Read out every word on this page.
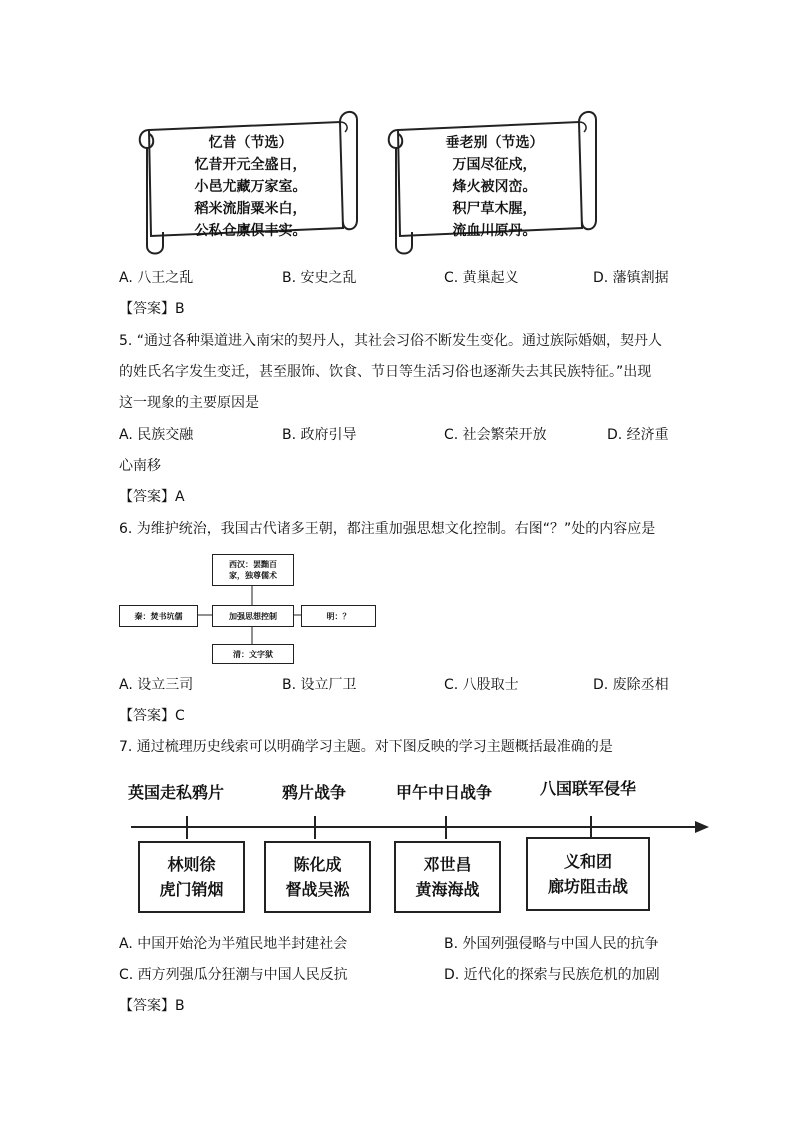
忆昔（节选）
忆昔开元全盛日，
小邑尤藏万家室。
稻米流脂粟米白，
公私仓廪俱丰实。
垂老别（节选）
万国尽征戍，
烽火被冈峦。
积尸草木腥，
流血川原丹。
A. 八王之乱	B. 安史之乱	C. 黄巢起义	D. 藩镇割据
【答案】B
5. “通过各种渠道进入南宋的契丹人，其社会习俗不断发生变化。通过族际婚姻，契丹人
的姓氏名字发生变迁，甚至服饰、饮食、节日等生活习俗也逐渐失去其民族特征。”出现
这一现象的主要原因是
A. 民族交融	B. 政府引导	C. 社会繁荣开放	D. 经济重
心南移
【答案】A
6. 为维护统治，我国古代诸多王朝，都注重加强思想文化控制。右图“？”处的内容应是
西汉：罢黜百
家，独尊儒术
秦：焚书坑儒	加强思想控制	明：？
清：文字狱
A. 设立三司	B. 设立厂卫	C. 八股取士	D. 废除丞相
【答案】C
7. 通过梳理历史线索可以明确学习主题。对下图反映的学习主题概括最准确的是
英国走私鸦片	鸦片战争	甲午中日战争	八国联军侵华
林则徐
虎门销烟
陈化成
督战吴淞
邓世昌
黄海海战
义和团
廊坊阻击战
A. 中国开始沦为半殖民地半封建社会	B. 外国列强侵略与中国人民的抗争
C. 西方列强瓜分狂潮与中国人民反抗	D. 近代化的探索与民族危机的加剧
【答案】B
